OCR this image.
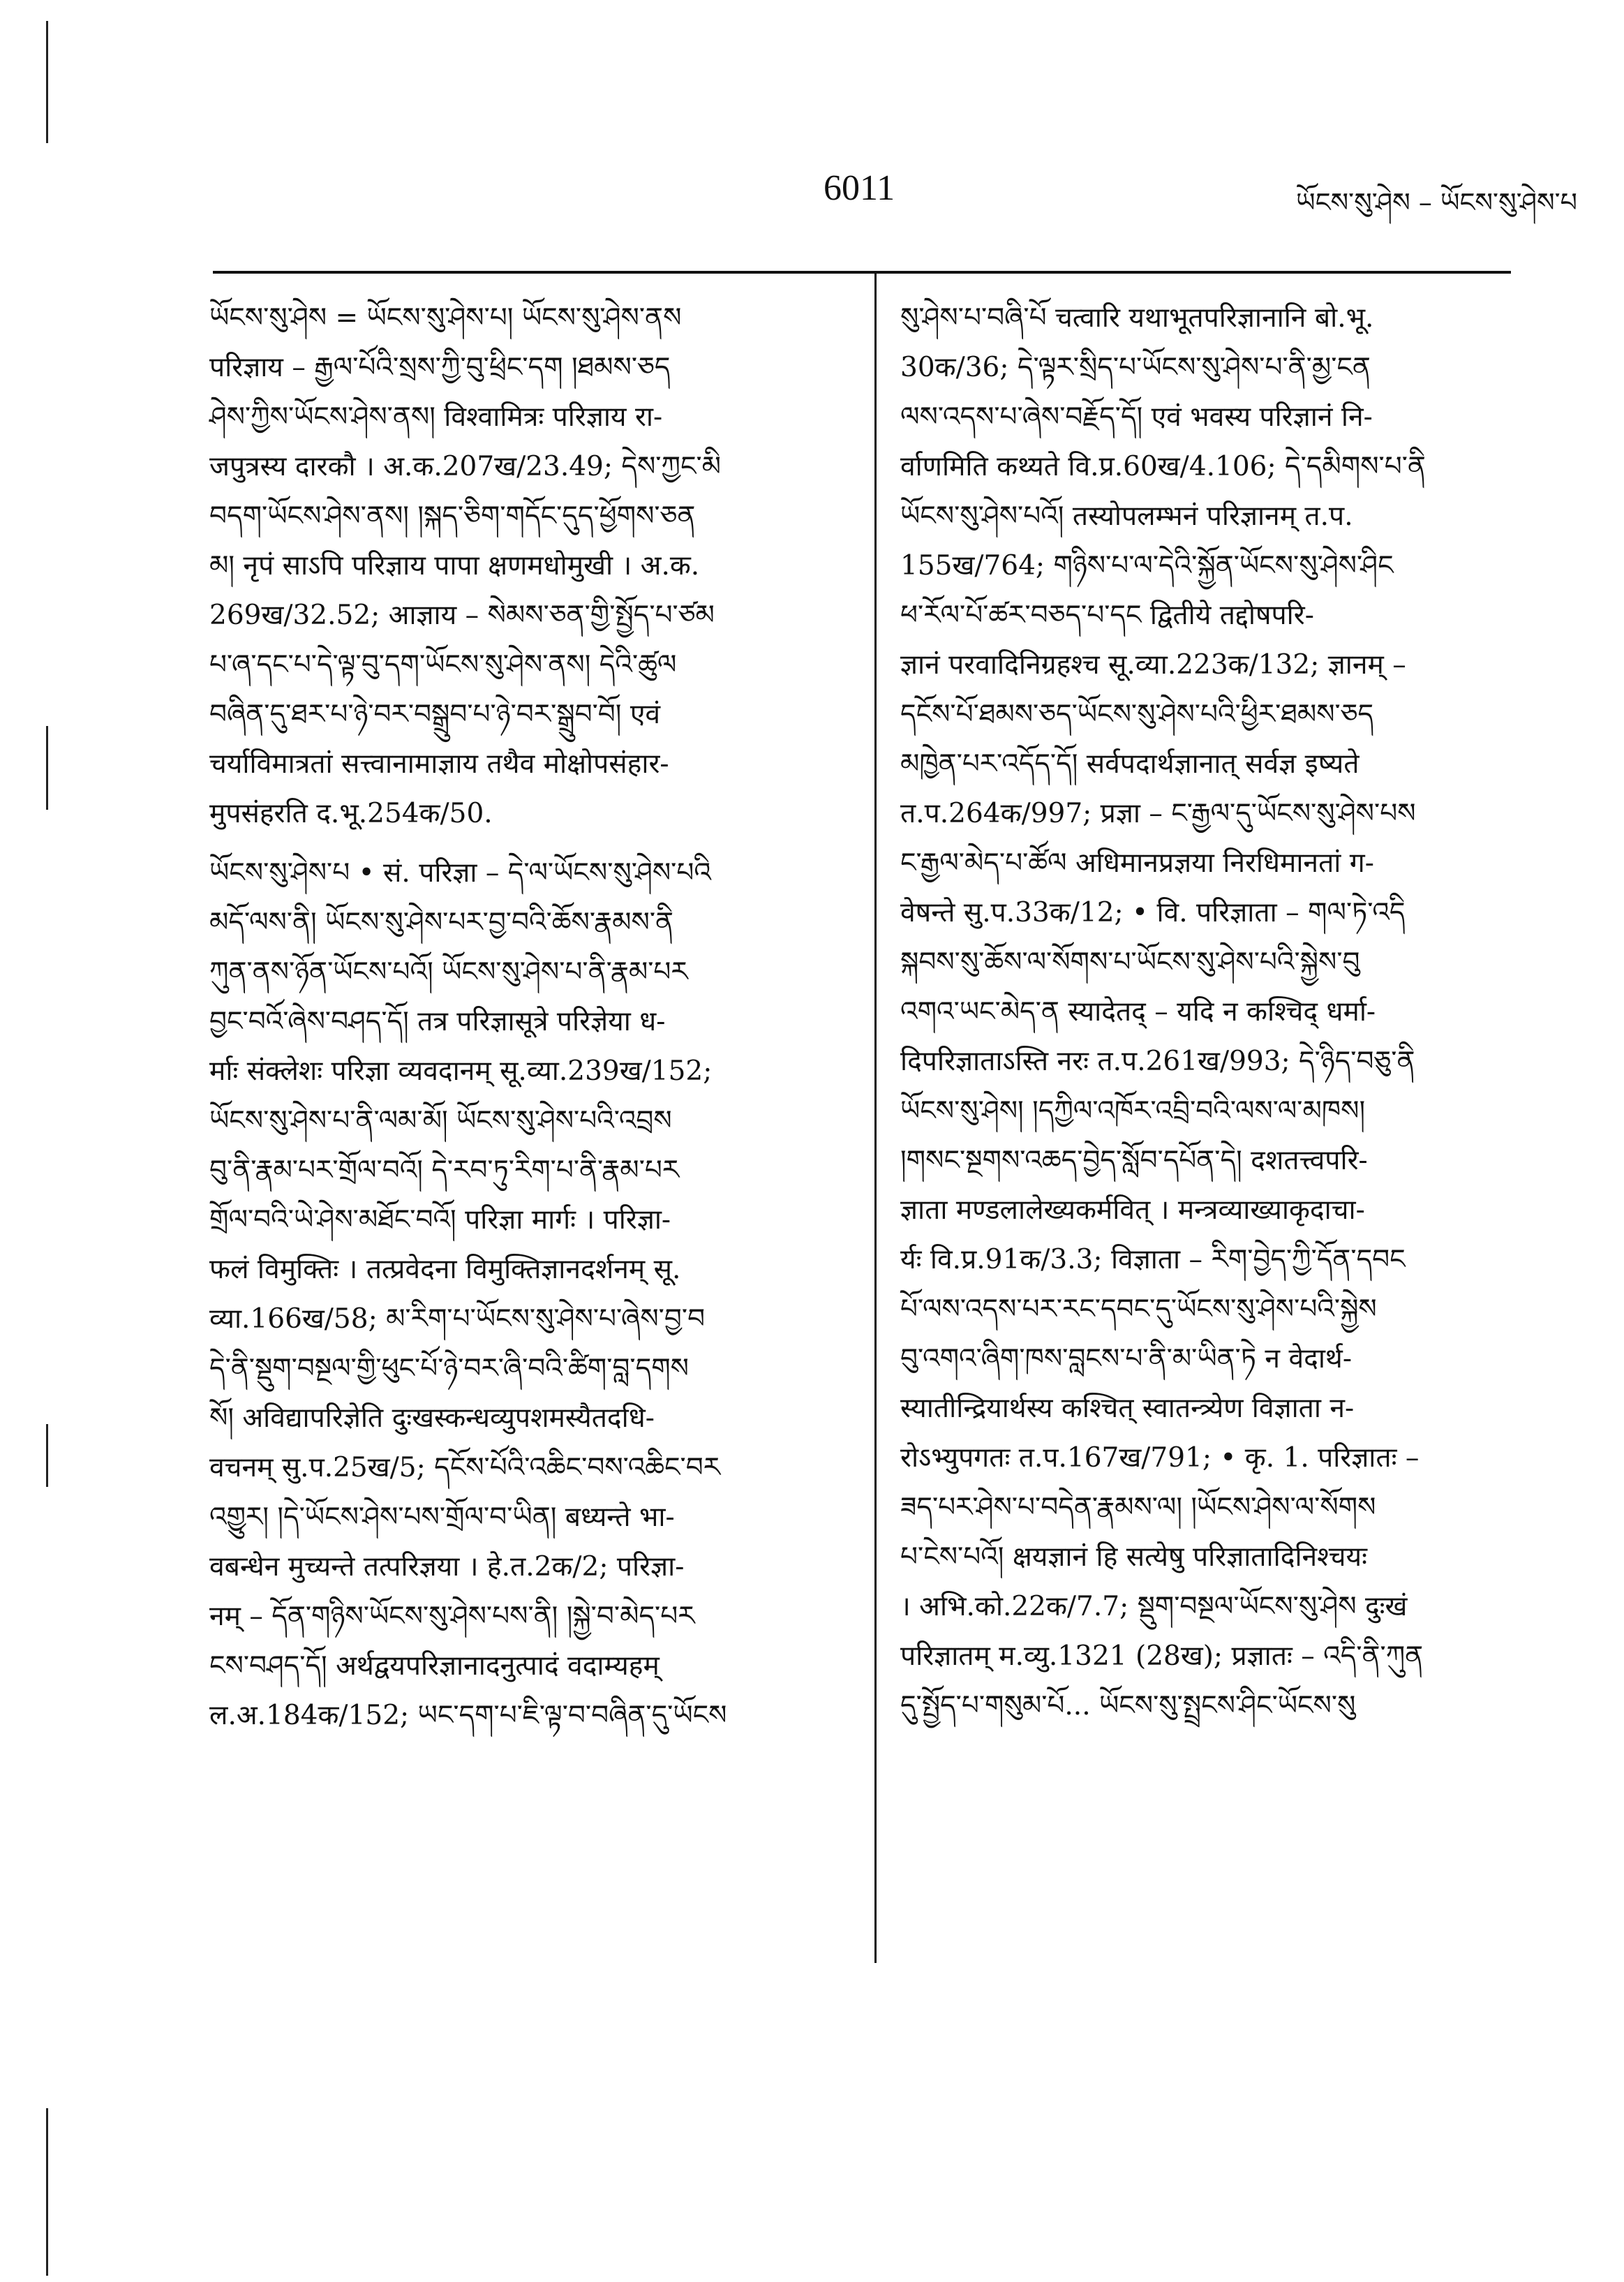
6011	ཡོངས་སུ་ཤེས – ཡོངས་སུ་ཤེས་པ
ཡོངས་སུ་ཤེས = ཡོངས་སུ་ཤེས་པ། ཡོངས་སུ་ཤེས་ནས
परिज्ञाय – རྒྱལ་པོའི་སྲས་ཀྱི་བུ་ཕྲིང་དག །ཐམས་ཅད
ཤེས་ཀྱིས་ཡོངས་ཤེས་ནས། विश्वामित्रः परिज्ञाय रा-
जपुत्रस्य दारकौ । अ.क.207ख/23.49; དེས་ཀྱང་མི
བདག་ཡོངས་ཤེས་ནས། །སྐད་ཅིག་གདོང་དུད་ཕྱོགས་ཅན
མ། नृपं साऽपि परिज्ञाय पापा क्षणमधोमुखी । अ.क.
269ख/32.52; आज्ञाय – སེམས་ཅན་གྱི་སྤྱོད་པ་ཙམ
པ་ཞ་དང་པ་དེ་ལྟ་བུ་དག་ཡོངས་སུ་ཤེས་ནས། དེའི་ཚུལ
བཞིན་དུ་ཐར་པ་ཉེ་བར་བསྒྲུབ་པ་ཉེ་བར་སྒྲུབ་བོ། एवं
चर्याविमात्रतां सत्त्वानामाज्ञाय तथैव मोक्षोपसंहार-
मुपसंहरति द.भू.254क/50.
ཡོངས་སུ་ཤེས་པ • सं. परिज्ञा – དེ་ལ་ཡོངས་སུ་ཤེས་པའི
མདོ་ལས་ནི། ཡོངས་སུ་ཤེས་པར་བྱ་བའི་ཆོས་རྣམས་ནི
ཀུན་ནས་ཉོན་ཡོངས་པའོ། ཡོངས་སུ་ཤེས་པ་ནི་རྣམ་པར
བྱང་བའོ་ཞེས་བཤད་དོ། तत्र परिज्ञासूत्रे परिज्ञेया ध-
र्माः संक्लेशः परिज्ञा व्यवदानम् सू.व्या.239ख/152;
ཡོངས་སུ་ཤེས་པ་ནི་ལམ་མོ། ཡོངས་སུ་ཤེས་པའི་འབྲས
བུ་ནི་རྣམ་པར་གྲོལ་བའོ། དེ་རབ་ཏུ་རིག་པ་ནི་རྣམ་པར
གྲོལ་བའི་ཡེ་ཤེས་མཐོང་བའོ། परिज्ञा मार्गः । परिज्ञा-
फलं विमुक्तिः । तत्प्रवेदना विमुक्तिज्ञानदर्शनम् सू.
व्या.166ख/58; མ་རིག་པ་ཡོངས་སུ་ཤེས་པ་ཞེས་བྱ་བ
དེ་ནི་སྡུག་བསྔལ་གྱི་ཕུང་པོ་ཉེ་བར་ཞི་བའི་ཚིག་བླ་དགས
སོ། अविद्यापरिज्ञेति दुःखस्कन्धव्युपशमस्यैतदधि-
वचनम् सु.प.25ख/5; དངོས་པོའི་འཆིང་བས་འཆིང་བར
འགྱུར། །དེ་ཡོངས་ཤེས་པས་གྲོལ་བ་ཡིན། बध्यन्ते भा-
वबन्धेन मुच्यन्ते तत्परिज्ञया । हे.त.2क/2; परिज्ञा-
नम् – དོན་གཉིས་ཡོངས་སུ་ཤེས་པས་ནི། །སྐྱེ་བ་མེད་པར
ངས་བཤད་དོ། अर्थद्वयपरिज्ञानादनुत्पादं वदाम्यहम्
ल.अ.184क/152; ཡང་དག་པ་ཇི་ལྟ་བ་བཞིན་དུ་ཡོངས
སུ་ཤེས་པ་བཞི་པོ चत्वारि यथाभूतपरिज्ञानानि बो.भू.
30क/36; དེ་ལྟར་སྲིད་པ་ཡོངས་སུ་ཤེས་པ་ནི་མྱ་ངན
ལས་འདས་པ་ཞེས་བརྗོད་དོ། एवं भवस्य परिज्ञानं नि-
र्वाणमिति कथ्यते वि.प्र.60ख/4.106; དེ་དམིགས་པ་ནི
ཡོངས་སུ་ཤེས་པའོ། तस्योपलम्भनं परिज्ञानम् त.प.
155ख/764; གཉིས་པ་ལ་དེའི་སྐྱོན་ཡོངས་སུ་ཤེས་ཤིང
ཕ་རོལ་པོ་ཚར་བཅད་པ་དང द्वितीये तद्दोषपरि-
ज्ञानं परवादिनिग्रहश्च सू.व्या.223क/132; ज्ञानम् –
དངོས་པོ་ཐམས་ཅད་ཡོངས་སུ་ཤེས་པའི་ཕྱིར་ཐམས་ཅད
མཁྱེན་པར་འདོད་དོ། सर्वपदार्थज्ञानात् सर्वज्ञ इष्यते
त.प.264क/997; प्रज्ञा – ང་རྒྱལ་དུ་ཡོངས་སུ་ཤེས་པས
ང་རྒྱལ་མེད་པ་ཚོལ अधिमानप्रज्ञया निरधिमानतां ग-
वेषन्ते सु.प.33क/12; • वि. परिज्ञाता – གལ་ཏེ་འདི
སྐབས་སུ་ཆོས་ལ་སོགས་པ་ཡོངས་སུ་ཤེས་པའི་སྐྱེས་བུ
འགའ་ཡང་མེད་ན स्यादेतद् – यदि न कश्चिद् धर्मा-
दिपरिज्ञाताऽस्ति नरः त.प.261ख/993; དེ་ཉིད་བཅུ་ནི
ཡོངས་སུ་ཤེས། །དཀྱིལ་འཁོར་འབྲི་བའི་ལས་ལ་མཁས།
།གསང་སྔགས་འཆད་བྱེད་སློབ་དཔོན་དེ། दशतत्त्वपरि-
ज्ञाता मण्डलालेख्यकर्मवित् । मन्त्रव्याख्याकृदाचा-
र्यः वि.प्र.91क/3.3; विज्ञाता – རིག་བྱེད་ཀྱི་དོན་དབང
པོ་ལས་འདས་པར་རང་དབང་དུ་ཡོངས་སུ་ཤེས་པའི་སྐྱེས
བུ་འགའ་ཞིག་ཁས་བླངས་པ་ནི་མ་ཡིན་ཏེ न वेदार्थ-
स्यातीन्द्रियार्थस्य कश्चित् स्वातन्त्र्येण विज्ञाता न-
रोऽभ्युपगतः त.प.167ख/791; • कृ. 1. परिज्ञातः –
ཟད་པར་ཤེས་པ་བདེན་རྣམས་ལ། །ཡོངས་ཤེས་ལ་སོགས
པ་ངེས་པའོ། क्षयज्ञानं हि सत्येषु परिज्ञातादिनिश्चयः
। अभि.को.22क/7.7; སྡུག་བསྔལ་ཡོངས་སུ་ཤེས दुःखं
परिज्ञातम् म.व्यु.1321 (28ख); प्रज्ञातः – འདི་ནི་ཀུན
དུ་སྤྱོད་པ་གསུམ་པོ... ཡོངས་སུ་སྤྲངས་ཤིང་ཡོངས་སུ
